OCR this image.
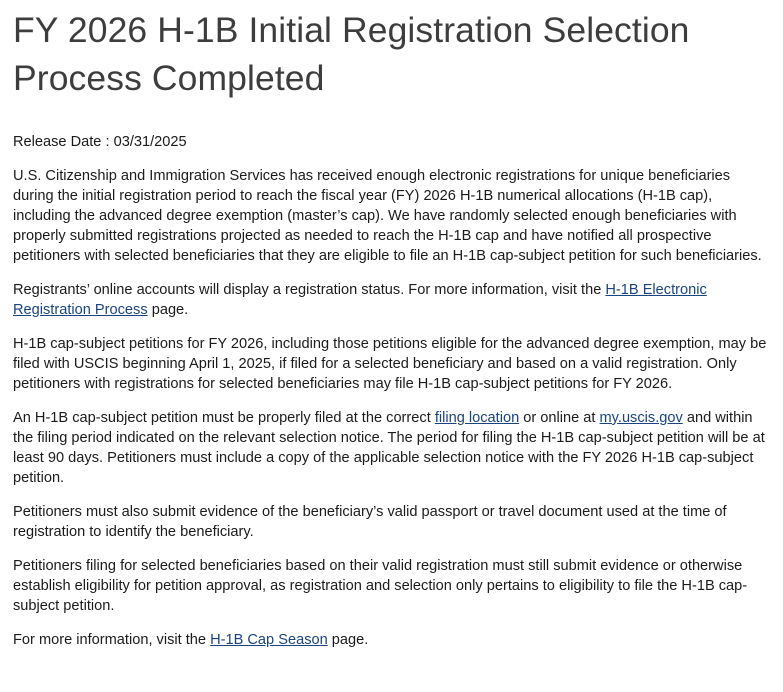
FY 2026 H-1B Initial Registration Selection Process Completed
Release Date : 03/31/2025

U.S. Citizenship and Immigration Services has received enough electronic registrations for unique beneficiaries during the initial registration period to reach the fiscal year (FY) 2026 H-1B numerical allocations (H-1B cap), including the advanced degree exemption (master’s cap). We have randomly selected enough beneficiaries with properly submitted registrations projected as needed to reach the H-1B cap and have notified all prospective petitioners with selected beneficiaries that they are eligible to file an H-1B cap-subject petition for such beneficiaries.

Registrants’ online accounts will display a registration status. For more information, visit the H-1B Electronic Registration Process page.

H-1B cap-subject petitions for FY 2026, including those petitions eligible for the advanced degree exemption, may be filed with USCIS beginning April 1, 2025, if filed for a selected beneficiary and based on a valid registration. Only petitioners with registrations for selected beneficiaries may file H-1B cap-subject petitions for FY 2026.

An H-1B cap-subject petition must be properly filed at the correct filing location or online at my.uscis.gov and within the filing period indicated on the relevant selection notice. The period for filing the H-1B cap-subject petition will be at least 90 days. Petitioners must include a copy of the applicable selection notice with the FY 2026 H-1B cap-subject petition.

Petitioners must also submit evidence of the beneficiary’s valid passport or travel document used at the time of registration to identify the beneficiary.

Petitioners filing for selected beneficiaries based on their valid registration must still submit evidence or otherwise establish eligibility for petition approval, as registration and selection only pertains to eligibility to file the H-1B cap-subject petition.

For more information, visit the H-1B Cap Season page.
